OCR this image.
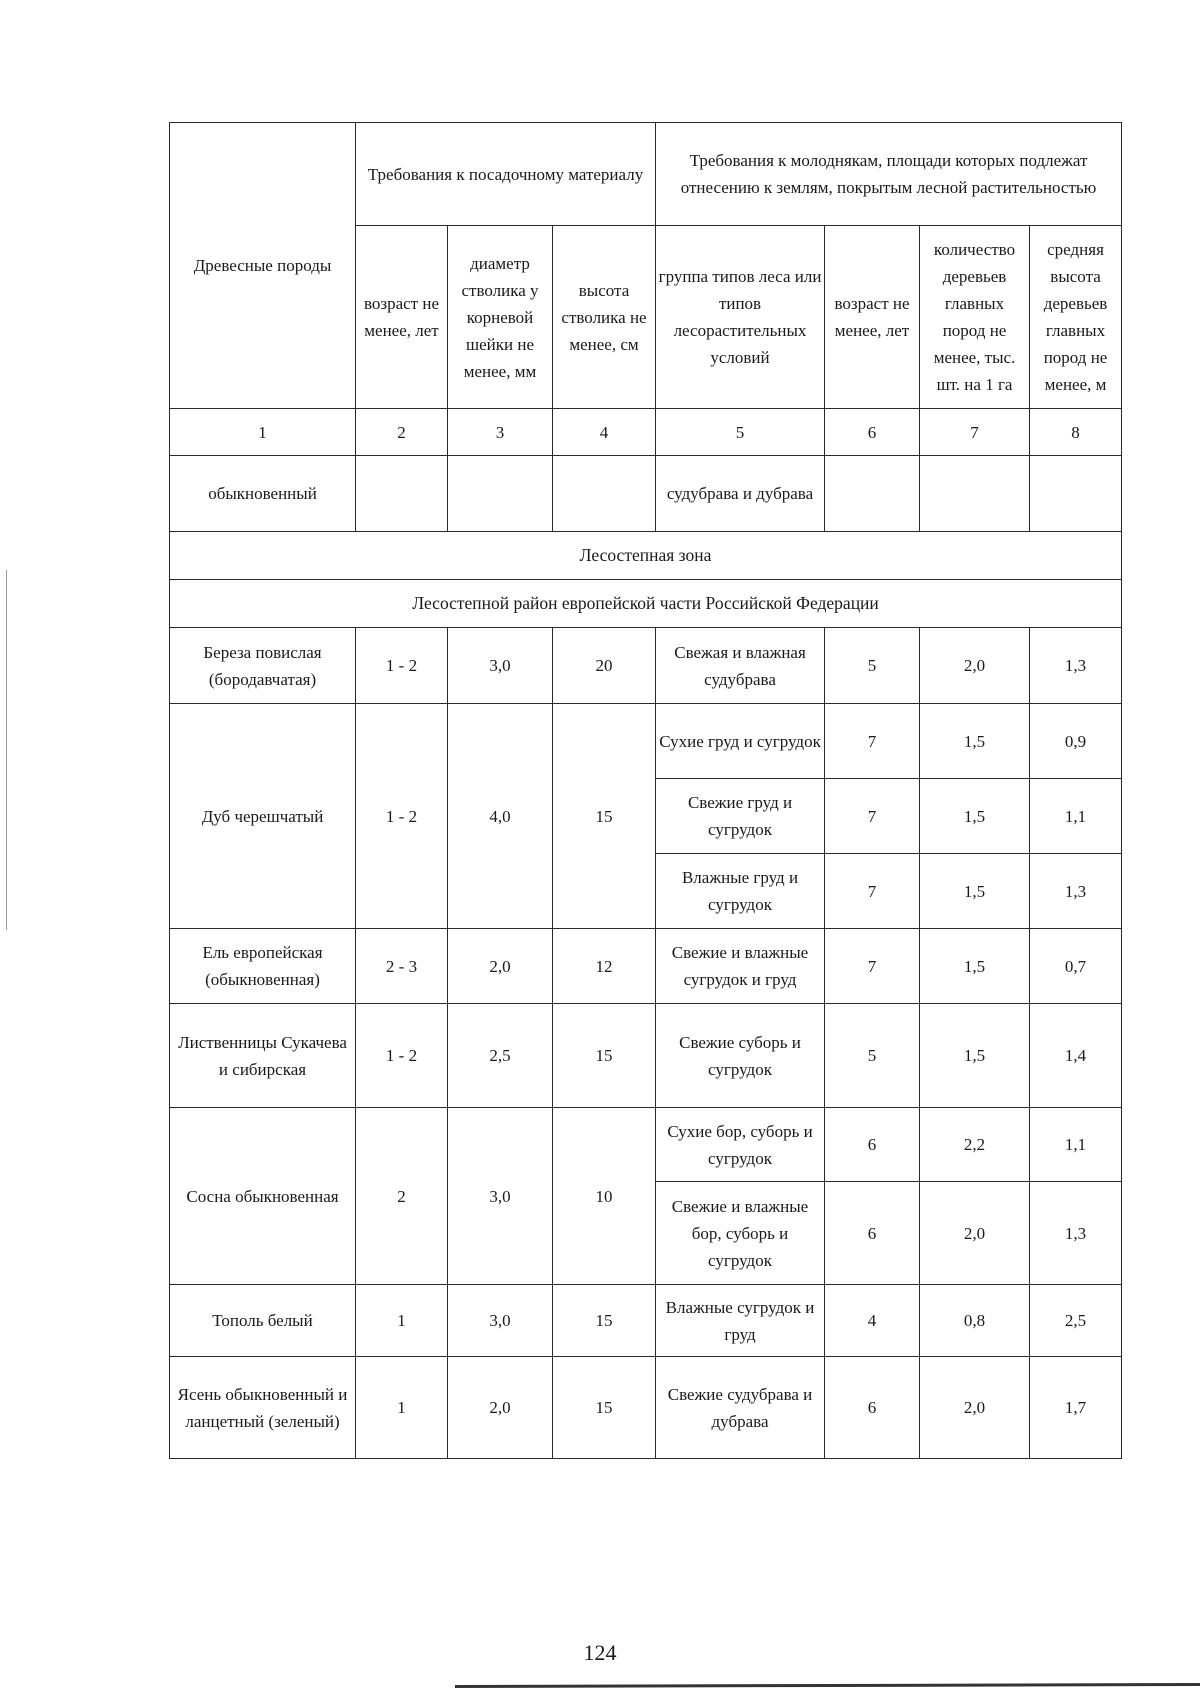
Древесные породы	Требования к посадочному материалу			Требования к молоднякам, площади которых подлежат отнесению к землям, покрытым лесной растительностью			
	возраст не менее, лет	диаметр стволика у корневой шейки не менее, мм	высота стволика не менее, см	группа типов леса или типов лесорастительных условий	возраст не менее, лет	количество деревьев главных пород не менее, тыс. шт. на 1 га	средняя высота деревьев главных пород не менее, м
1	2	3	4	5	6	7	8
обыкновенный				судубрава и дубрава			
Лесостепная зона							
Лесостепной район европейской части Российской Федерации							
Береза повислая (бородавчатая)	1 - 2	3,0	20	Свежая и влажная судубрава	5	2,0	1,3
Дуб черешчатый	1 - 2	4,0	15	Сухие груд и сугрудок	7	1,5	0,9
				Свежие груд и сугрудок	7	1,5	1,1
				Влажные груд и сугрудок	7	1,5	1,3
Ель европейская (обыкновенная)	2 - 3	2,0	12	Свежие и влажные сугрудок и груд	7	1,5	0,7
Лиственницы Сукачева и сибирская	1 - 2	2,5	15	Свежие суборь и сугрудок	5	1,5	1,4
Сосна обыкновенная	2	3,0	10	Сухие бор, суборь и сугрудок	6	2,2	1,1
				Свежие и влажные бор, суборь и сугрудок	6	2,0	1,3
Тополь белый	1	3,0	15	Влажные сугрудок и груд	4	0,8	2,5
Ясень обыкновенный и ланцетный (зеленый)	1	2,0	15	Свежие судубрава и дубрава	6	2,0	1,7
124
